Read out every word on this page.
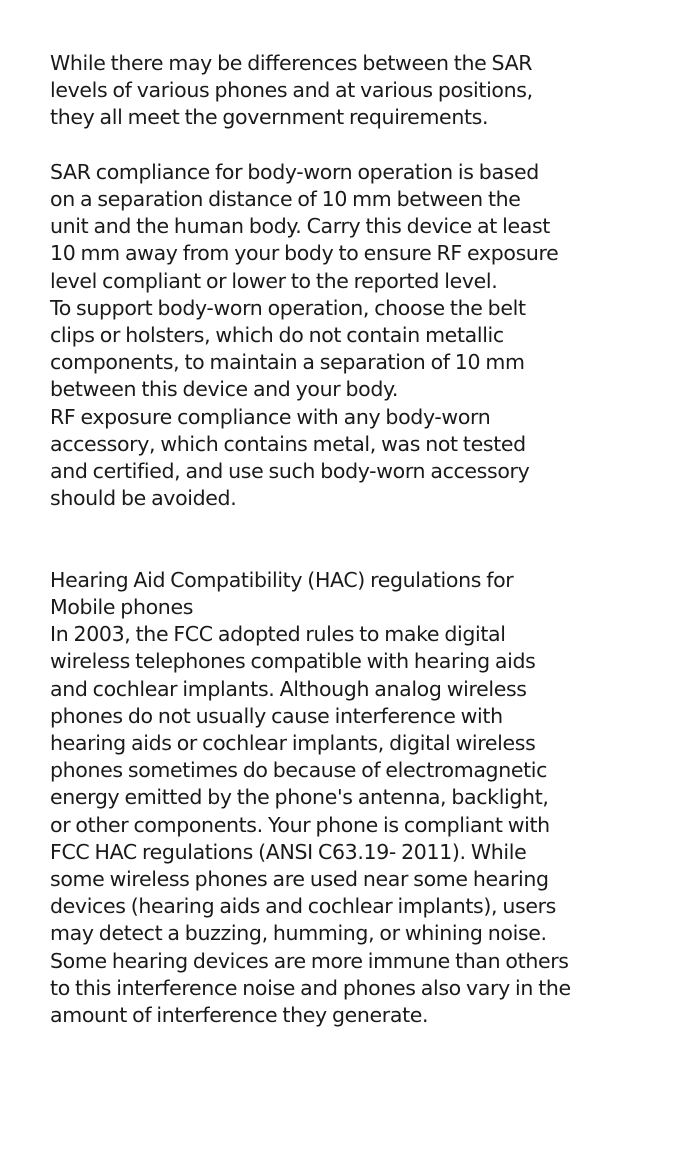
While there may be differences between the SAR
levels of various phones and at various positions,
they all meet the government requirements.

SAR compliance for body-worn operation is based
on a separation distance of 10 mm between the
unit and the human body. Carry this device at least
10 mm away from your body to ensure RF exposure
level compliant or lower to the reported level.
To support body-worn operation, choose the belt
clips or holsters, which do not contain metallic
components, to maintain a separation of 10 mm
between this device and your body.
RF exposure compliance with any body-worn
accessory, which contains metal, was not tested
and certified, and use such body-worn accessory
should be avoided.

Hearing Aid Compatibility (HAC) regulations for
Mobile phones

In 2003, the FCC adopted rules to make digital
wireless telephones compatible with hearing aids
and cochlear implants. Although analog wireless
phones do not usually cause interference with
hearing aids or cochlear implants, digital wireless
phones sometimes do because of electromagnetic
energy emitted by the phone's antenna, backlight,
or other components. Your phone is compliant with
FCC HAC regulations (ANSI C63.19- 2011). While
some wireless phones are used near some hearing
devices (hearing aids and cochlear implants), users
may detect a buzzing, humming, or whining noise.
Some hearing devices are more immune than others
to this interference noise and phones also vary in the
amount of interference they generate.
